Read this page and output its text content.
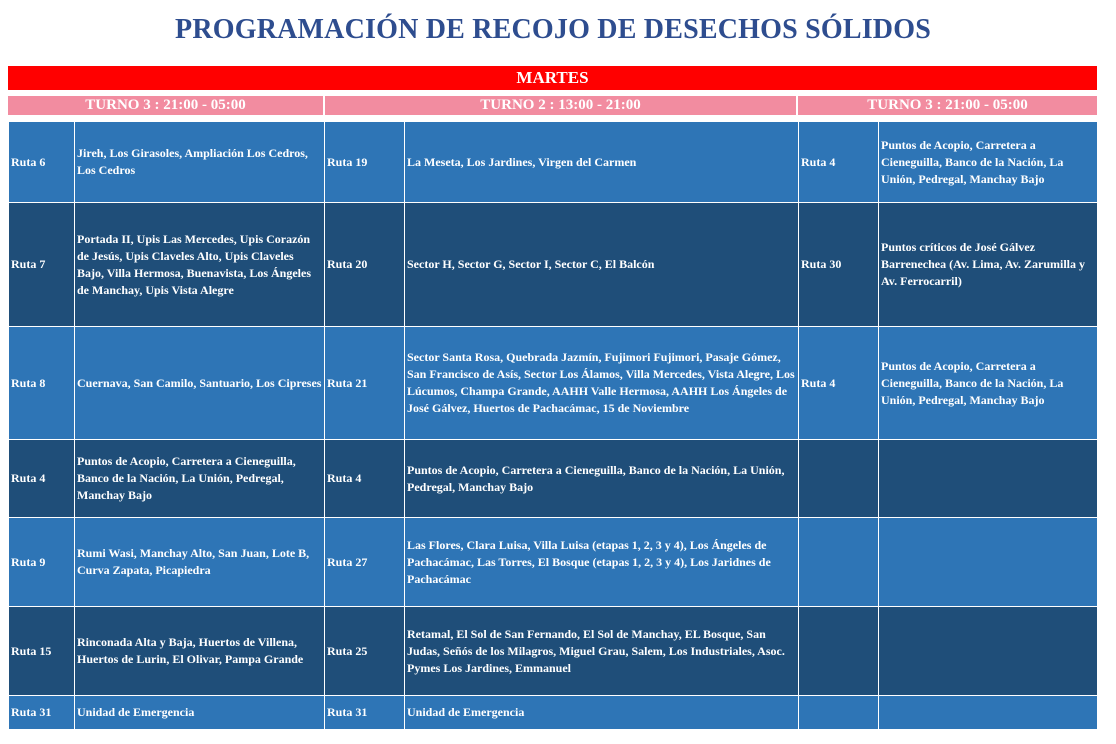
PROGRAMACIÓN DE RECOJO DE DESECHOS SÓLIDOS
MARTES
TURNO 3 : 21:00 - 05:00	TURNO 2 : 13:00 - 21:00	TURNO 3 : 21:00 - 05:00
Ruta 6	Jireh, Los Girasoles, Ampliación Los Cedros, Los Cedros	Ruta 19	La Meseta, Los Jardines, Virgen del Carmen	Ruta 4	Puntos de Acopio, Carretera a Cieneguilla, Banco de la Nación, La Unión, Pedregal, Manchay Bajo
Ruta 7	Portada II, Upis Las Mercedes, Upis Corazón de Jesús, Upis Claveles Alto, Upis Claveles Bajo, Villa Hermosa, Buenavista, Los Ángeles de Manchay, Upis Vista Alegre	Ruta 20	Sector H, Sector G, Sector I, Sector C, El Balcón	Ruta 30	Puntos críticos de José Gálvez Barrenechea (Av. Lima, Av. Zarumilla y Av. Ferrocarril)
Ruta 8	Cuernava, San Camilo, Santuario, Los Cipreses	Ruta 21	Sector Santa Rosa, Quebrada Jazmín, Fujimori Fujimori, Pasaje Gómez, San Francisco de Asís, Sector Los Álamos, Villa Mercedes, Vista Alegre, Los Lúcumos, Champa Grande, AAHH Valle Hermosa, AAHH Los Ángeles de José Gálvez, Huertos de Pachacámac, 15 de Noviembre	Ruta 4	Puntos de Acopio, Carretera a Cieneguilla, Banco de la Nación, La Unión, Pedregal, Manchay Bajo
Ruta 4	Puntos de Acopio, Carretera a Cieneguilla, Banco de la Nación, La Unión, Pedregal, Manchay Bajo	Ruta 4	Puntos de Acopio, Carretera a Cieneguilla, Banco de la Nación, La Unión, Pedregal, Manchay Bajo		
Ruta 9	Rumi Wasi, Manchay Alto, San Juan, Lote B, Curva Zapata, Picapiedra	Ruta 27	Las Flores, Clara Luisa, Villa Luisa (etapas 1, 2, 3 y 4), Los Ángeles de Pachacámac, Las Torres, El Bosque (etapas 1, 2, 3 y 4), Los Jaridnes de Pachacámac		
Ruta 15	Rinconada Alta y Baja, Huertos de Villena, Huertos de Lurin, El Olivar, Pampa Grande	Ruta 25	Retamal, El Sol de San Fernando, El Sol de Manchay, EL Bosque, San Judas, Señós de los Milagros, Miguel Grau, Salem, Los Industriales, Asoc. Pymes Los Jardines, Emmanuel		
Ruta 31	Unidad de Emergencia	Ruta 31	Unidad de Emergencia		
